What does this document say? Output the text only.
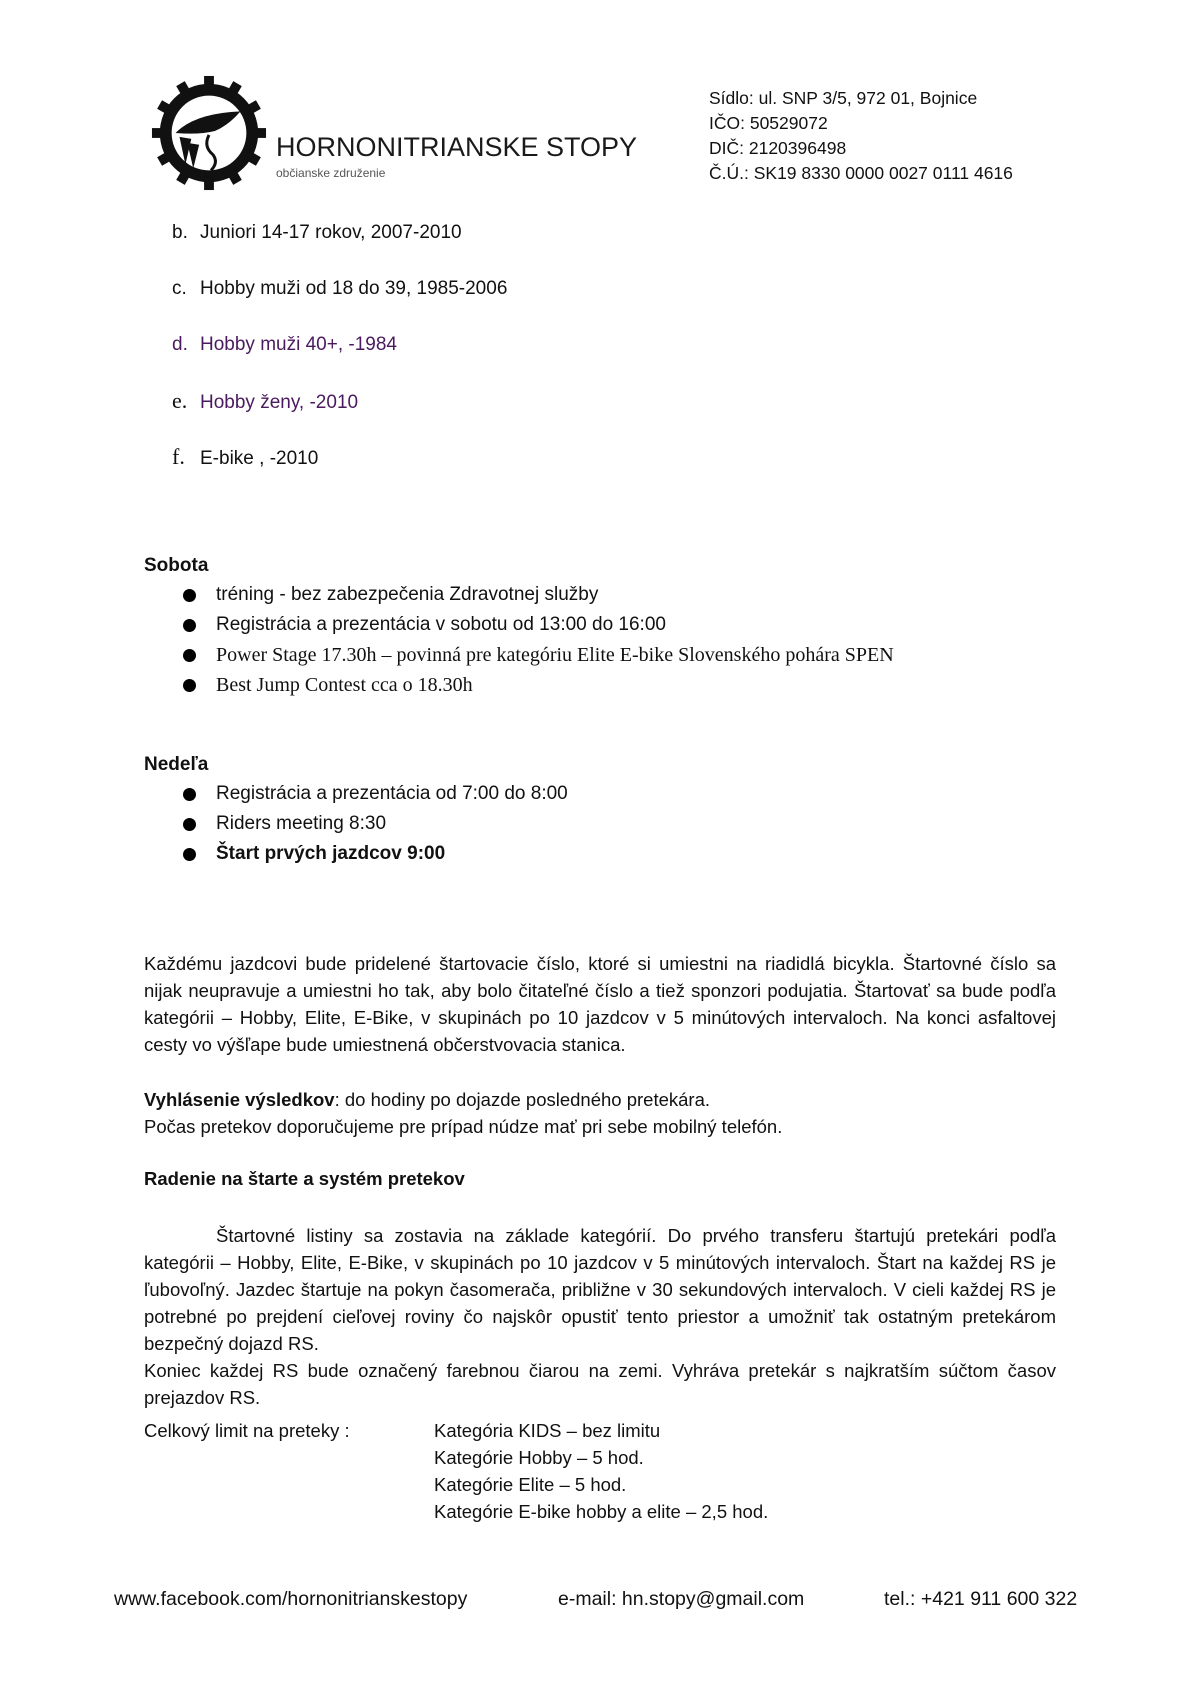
HORNONITRIANSKE STOPY
občianske združenie
Sídlo: ul. SNP 3/5, 972 01, Bojnice
IČO: 50529072
DIČ: 2120396498
Č.Ú.: SK19 8330 0000 0027 0111 4616
b. Juniori 14-17 rokov, 2007-2010
c. Hobby muži od 18 do 39, 1985-2006
d. Hobby muži 40+, -1984
e. Hobby ženy, -2010
f. E-bike , -2010
Sobota
tréning - bez zabezpečenia Zdravotnej služby
Registrácia a prezentácia v sobotu od 13:00 do 16:00
Power Stage 17.30h – povinná pre kategóriu Elite E-bike Slovenského pohára SPEN
Best Jump Contest cca o 18.30h
Nedeľa
Registrácia a prezentácia od 7:00 do 8:00
Riders meeting 8:30
Štart prvých jazdcov 9:00
Každému jazdcovi bude pridelené štartovacie číslo, ktoré si umiestni na riadidlá bicykla. Štartovné číslo sa nijak neupravuje a umiestni ho tak, aby bolo čitateľné číslo a tiež sponzori podujatia. Štartovať sa bude podľa kategórii – Hobby, Elite, E-Bike, v skupinách po 10 jazdcov v 5 minútových intervaloch. Na konci asfaltovej cesty vo výšľape bude umiestnená občerstvovacia stanica.
Vyhlásenie výsledkov: do hodiny po dojazde posledného pretekára.
Počas pretekov doporučujeme pre prípad núdze mať pri sebe mobilný telefón.
Radenie na štarte a systém pretekov
Štartovné listiny sa zostavia na základe kategórií. Do prvého transferu štartujú pretekári podľa kategórii – Hobby, Elite, E-Bike, v skupinách po 10 jazdcov v 5 minútových intervaloch. Štart na každej RS je ľubovoľný. Jazdec štartuje na pokyn časomerača, približne v 30 sekundových intervaloch. V cieli každej RS je potrebné po prejdení cieľovej roviny čo najskôr opustiť tento priestor a umožniť tak ostatným pretekárom bezpečný dojazd RS.
Koniec každej RS bude označený farebnou čiarou na zemi. Vyhráva pretekár s najkratším súčtom časov prejazdov RS.
Celkový limit na preteky :	Kategória KIDS – bez limitu
Kategórie Hobby – 5 hod.
Kategórie Elite – 5 hod.
Kategórie E-bike hobby a elite – 2,5 hod.
www.facebook.com/hornonitrianskestopy	e-mail: hn.stopy@gmail.com	tel.: +421 911 600 322
